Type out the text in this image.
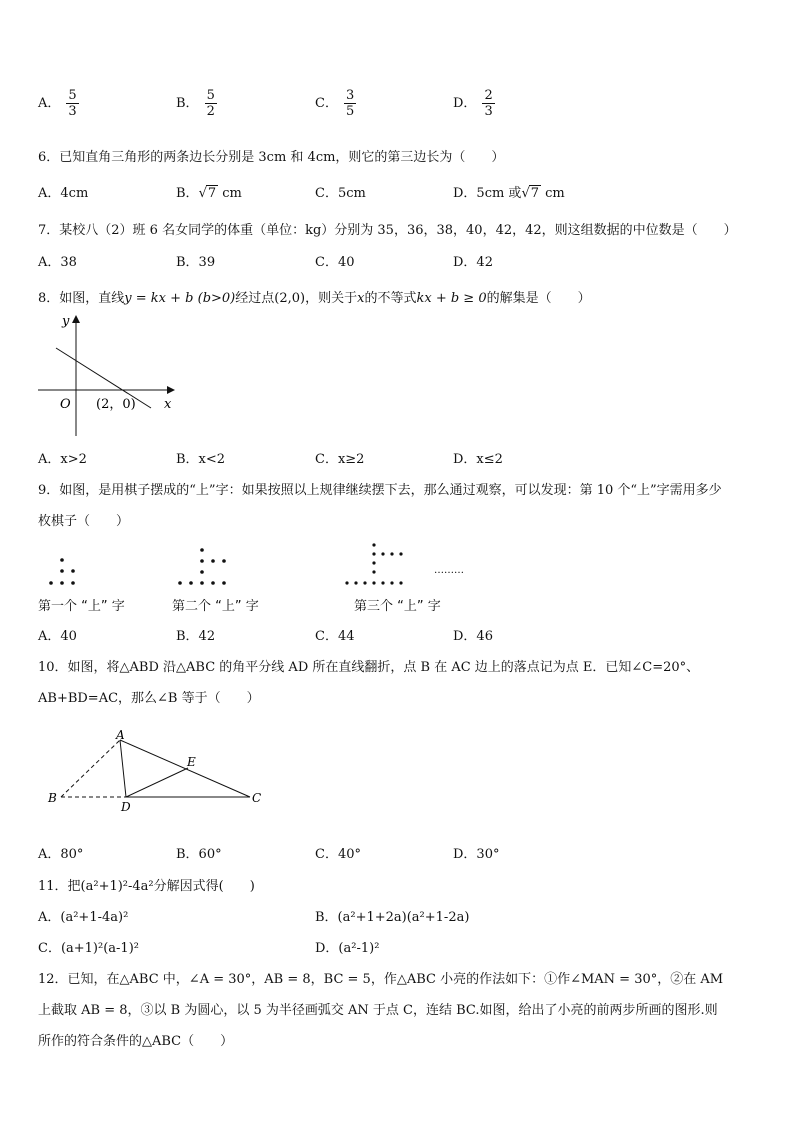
A． $\frac{5}{3}$	B． $\frac{5}{2}$	C． $\frac{3}{5}$	D． $\frac{2}{3}$
6．已知直角三角形的两条边长分别是 3cm 和 4cm，则它的第三边长为（　　）
A．4cm	B．√7 cm	C．5cm	D．5cm 或√7 cm
7．某校八（2）班 6 名女同学的体重（单位：kg）分别为 35，36，38，40，42，42，则这组数据的中位数是（　　）
A．38	B．39	C．40	D．42
8．如图，直线y = kx + b (b>0)经过点(2,0)，则关于x的不等式kx + b ≥ 0的解集是（　　）
y
x
O (2，0)
A．x>2	B．x<2	C．x≥2	D．x≤2
9．如图，是用棋子摆成的“上”字：如果按照以上规律继续摆下去，那么通过观察，可以发现：第 10 个“上”字需用多少
枚棋子（　　）
………
第一个 “上” 字	第二个 “上” 字	第三个 “上” 字
A．40	B．42	C．44	D．46
10．如图，将△ABD 沿△ABC 的角平分线 AD 所在直线翻折，点 B 在 AC 边上的落点记为点 E．已知∠C=20°、
AB+BD=AC，那么∠B 等于（　　）
A
B	C
D
E
A．80°	B．60°	C．40°	D．30°
11．把(a²+1)²-4a²分解因式得(　　)
A．(a²+1-4a)²	B．(a²+1+2a)(a²+1-2a)
C．(a+1)²(a-1)²	D．(a²-1)²
12．已知，在△ABC 中，∠A = 30°，AB = 8，BC = 5，作△ABC 小亮的作法如下：①作∠MAN = 30°，②在 AM
上截取 AB = 8，③以 B 为圆心，以 5 为半径画弧交 AN 于点 C，连结 BC.如图，给出了小亮的前两步所画的图形.则
所作的符合条件的△ABC（　　）
